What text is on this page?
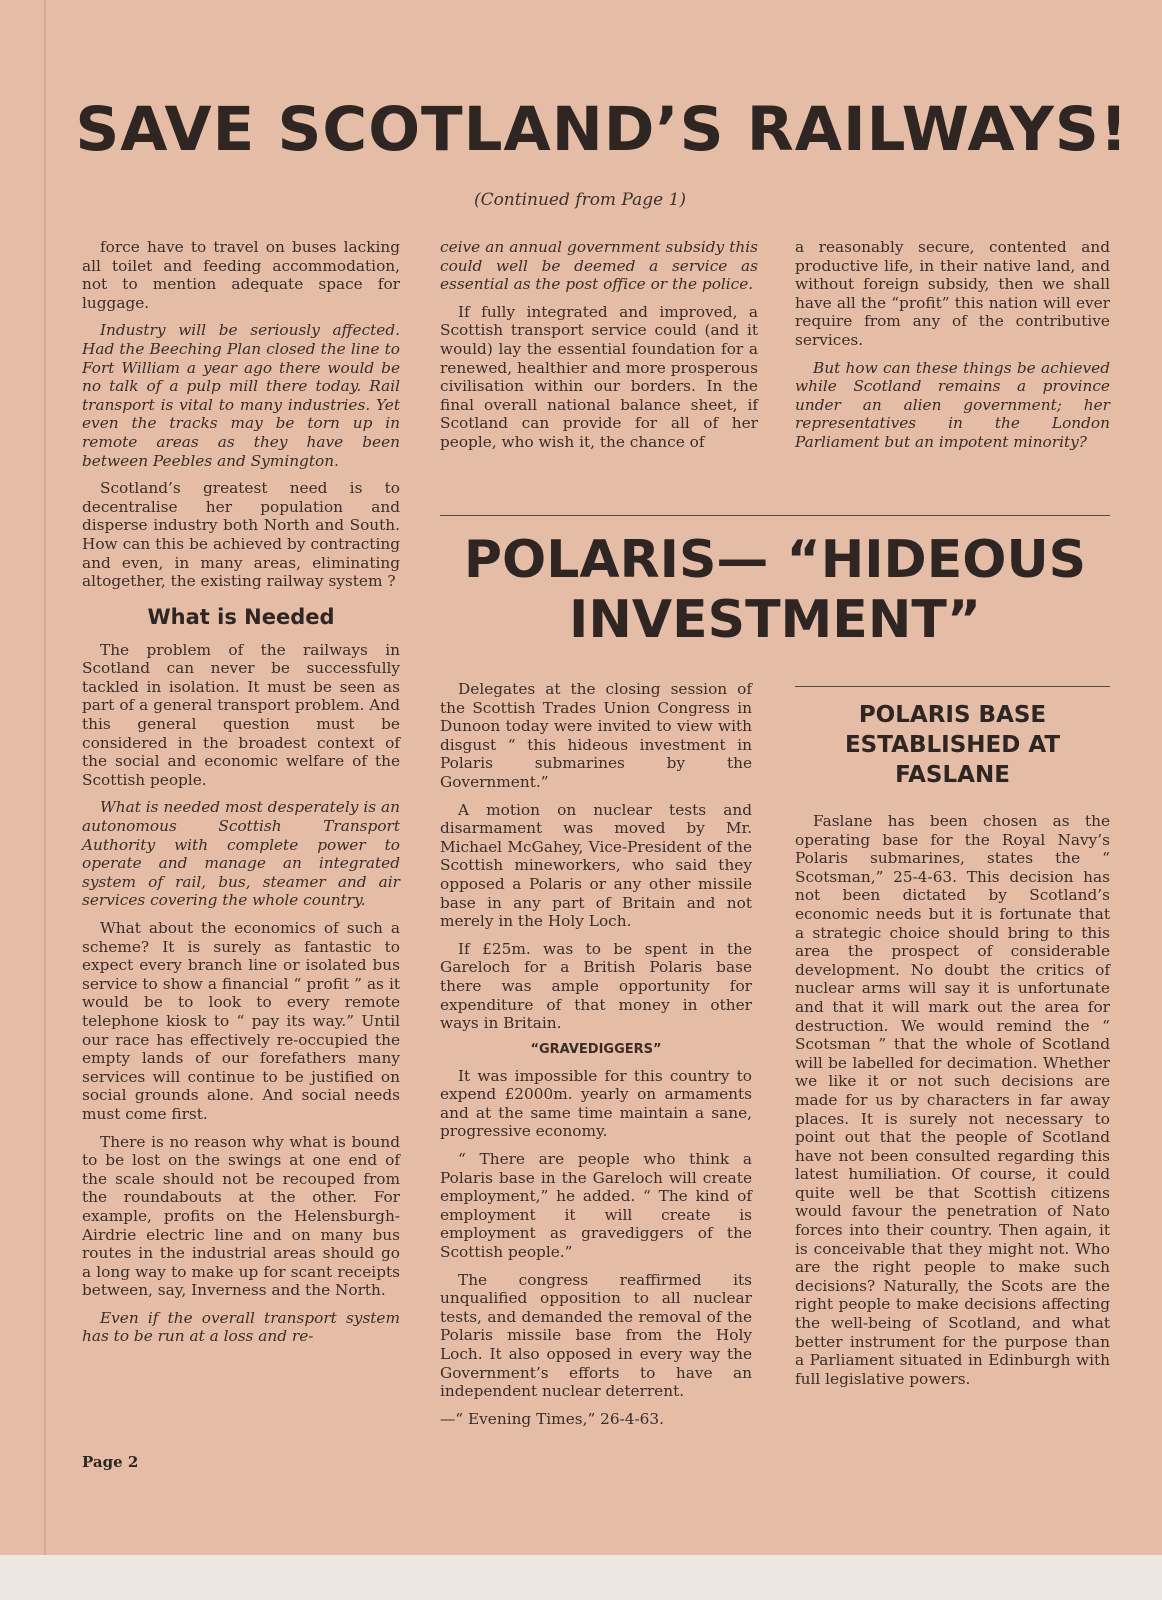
SAVE SCOTLAND’S RAILWAYS!
(Continued from Page 1)

force have to travel on buses lacking all toilet and feeding accommodation, not to mention adequate space for luggage.

Industry will be seriously affected. Had the Beeching Plan closed the line to Fort William a year ago there would be no talk of a pulp mill there today. Rail transport is vital to many industries. Yet even the tracks may be torn up in remote areas as they have been between Peebles and Symington.

Scotland’s greatest need is to decentralise her population and disperse industry both North and South. How can this be achieved by contracting and even, in many areas, eliminating altogether, the existing railway system ?

What is Needed

The problem of the railways in Scotland can never be successfully tackled in isolation. It must be seen as part of a general transport problem. And this general question must be considered in the broadest context of the social and economic welfare of the Scottish people.

What is needed most desperately is an autonomous Scottish Transport Authority with complete power to operate and manage an integrated system of rail, bus, steamer and air services covering the whole country.

What about the economics of such a scheme? It is surely as fantastic to expect every branch line or isolated bus service to show a financial “ profit ” as it would be to look to every remote telephone kiosk to “ pay its way.” Until our race has effectively re-occupied the empty lands of our forefathers many services will continue to be justified on social grounds alone. And social needs must come first.

There is no reason why what is bound to be lost on the swings at one end of the scale should not be recouped from the roundabouts at the other. For example, profits on the Helensburgh-Airdrie electric line and on many bus routes in the industrial areas should go a long way to make up for scant receipts between, say, Inverness and the North.

Even if the overall transport system has to be run at a loss and re-

ceive an annual government subsidy this could well be deemed a service as essential as the post office or the police.

If fully integrated and improved, a Scottish transport service could (and it would) lay the essential foundation for a renewed, healthier and more prosperous civilisation within our borders. In the final overall national balance sheet, if Scotland can provide for all of her people, who wish it, the chance of

a reasonably secure, contented and productive life, in their native land, and without foreign subsidy, then we shall have all the “profit” this nation will ever require from any of the contributive services.

But how can these things be achieved while Scotland remains a province under an alien government; her representatives in the London Parliament but an impotent minority?

POLARIS— “HIDEOUS
INVESTMENT”

Delegates at the closing session of the Scottish Trades Union Congress in Dunoon today were invited to view with disgust “ this hideous investment in Polaris submarines by the Government.”

A motion on nuclear tests and disarmament was moved by Mr. Michael McGahey, Vice-President of the Scottish mineworkers, who said they opposed a Polaris or any other missile base in any part of Britain and not merely in the Holy Loch.

If £25m. was to be spent in the Gareloch for a British Polaris base there was ample opportunity for expenditure of that money in other ways in Britain.

“GRAVEDIGGERS”

It was impossible for this country to expend £2000m. yearly on armaments and at the same time maintain a sane, progressive economy.

“ There are people who think a Polaris base in the Gareloch will create employment,” he added. “ The kind of employment it will create is employment as gravediggers of the Scottish people.”

The congress reaffirmed its unqualified opposition to all nuclear tests, and demanded the removal of the Polaris missile base from the Holy Loch. It also opposed in every way the Government’s efforts to have an independent nuclear deterrent.

—“ Evening Times,” 26-4-63.

POLARIS BASE ESTABLISHED AT FASLANE

Faslane has been chosen as the operating base for the Royal Navy’s Polaris submarines, states the “ Scotsman,” 25-4-63. This decision has not been dictated by Scotland’s economic needs but it is fortunate that a strategic choice should bring to this area the prospect of considerable development. No doubt the critics of nuclear arms will say it is unfortunate and that it will mark out the area for destruction. We would remind the “ Scotsman ” that the whole of Scotland will be labelled for decimation. Whether we like it or not such decisions are made for us by characters in far away places. It is surely not necessary to point out that the people of Scotland have not been consulted regarding this latest humiliation. Of course, it could quite well be that Scottish citizens would favour the penetration of Nato forces into their country. Then again, it is conceivable that they might not. Who are the right people to make such decisions? Naturally, the Scots are the right people to make decisions affecting the well-being of Scotland, and what better instrument for the purpose than a Parliament situated in Edinburgh with full legislative powers.

Page 2
